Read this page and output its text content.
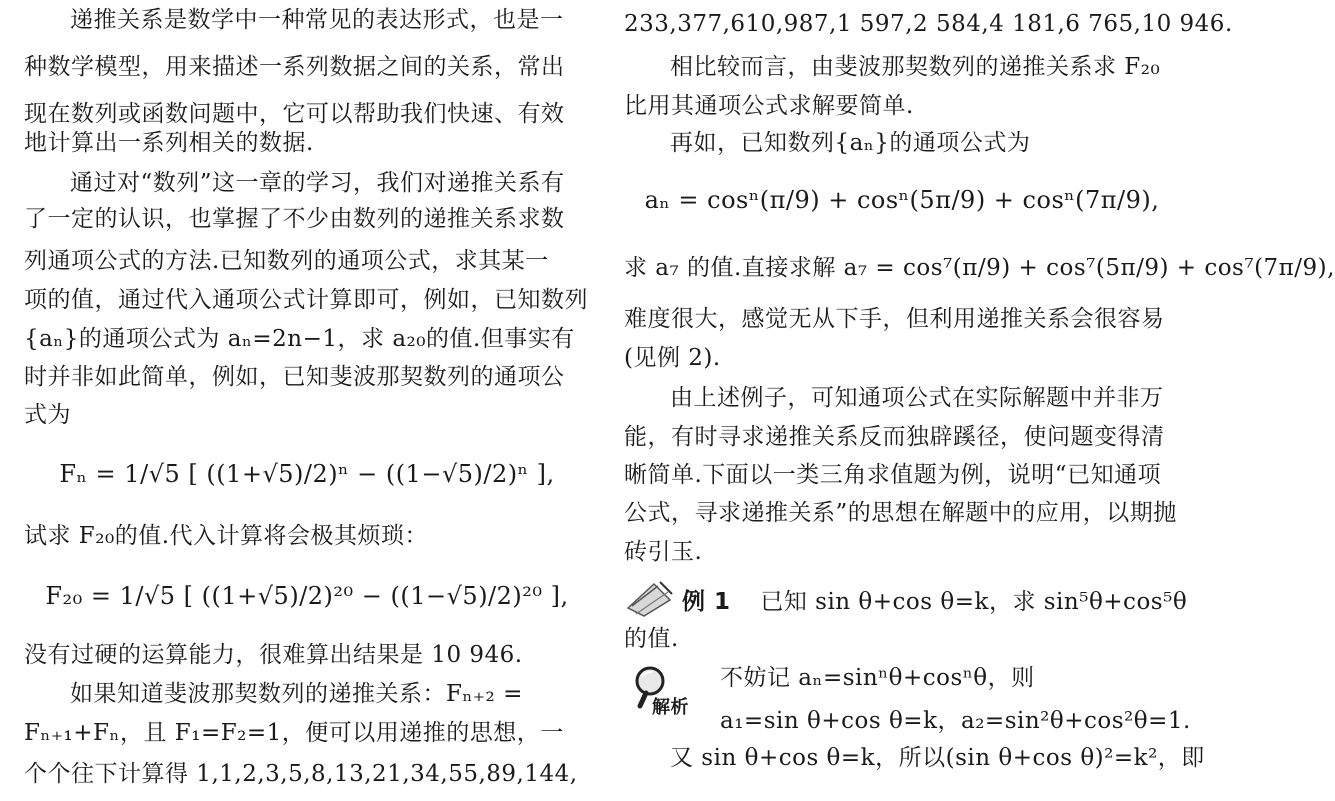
递推关系是数学中一种常见的表达形式，也是一
种数学模型，用来描述一系列数据之间的关系，常出
现在数列或函数问题中，它可以帮助我们快速、有效
地计算出一系列相关的数据.
通过对“数列”这一章的学习，我们对递推关系有
了一定的认识，也掌握了不少由数列的递推关系求数
列通项公式的方法.已知数列的通项公式，求其某一
项的值，通过代入通项公式计算即可，例如，已知数列
{aₙ}的通项公式为 aₙ=2n−1，求 a₂₀的值.但事实有
时并非如此简单，例如，已知斐波那契数列的通项公
式为
Fₙ = 1/√5 [ ((1+√5)/2)ⁿ − ((1−√5)/2)ⁿ ],
试求 F₂₀的值.代入计算将会极其烦琐：
F₂₀ = 1/√5 [ ((1+√5)/2)²⁰ − ((1−√5)/2)²⁰ ],
没有过硬的运算能力，很难算出结果是 10 946.
如果知道斐波那契数列的递推关系：Fₙ₊₂ =
Fₙ₊₁+Fₙ，且 F₁=F₂=1，便可以用递推的思想，一
个个往下计算得 1,1,2,3,5,8,13,21,34,55,89,144,
233,377,610,987,1 597,2 584,4 181,6 765,10 946.
相比较而言，由斐波那契数列的递推关系求 F₂₀
比用其通项公式求解要简单.
再如，已知数列{aₙ}的通项公式为
aₙ = cosⁿ(π/9) + cosⁿ(5π/9) + cosⁿ(7π/9),
求 a₇ 的值.直接求解 a₇ = cos⁷(π/9) + cos⁷(5π/9) + cos⁷(7π/9),
难度很大，感觉无从下手，但利用递推关系会很容易
(见例 2).
由上述例子，可知通项公式在实际解题中并非万
能，有时寻求递推关系反而独辟蹊径，使问题变得清
晰简单.下面以一类三角求值题为例，说明“已知通项
公式，寻求递推关系”的思想在解题中的应用，以期抛
砖引玉.
例 1 已知 sin θ+cos θ=k，求 sin⁵θ+cos⁵θ
的值.
解析
不妨记 aₙ=sinⁿθ+cosⁿθ，则
a₁=sin θ+cos θ=k，a₂=sin²θ+cos²θ=1.
又 sin θ+cos θ=k，所以(sin θ+cos θ)²=k²，即
